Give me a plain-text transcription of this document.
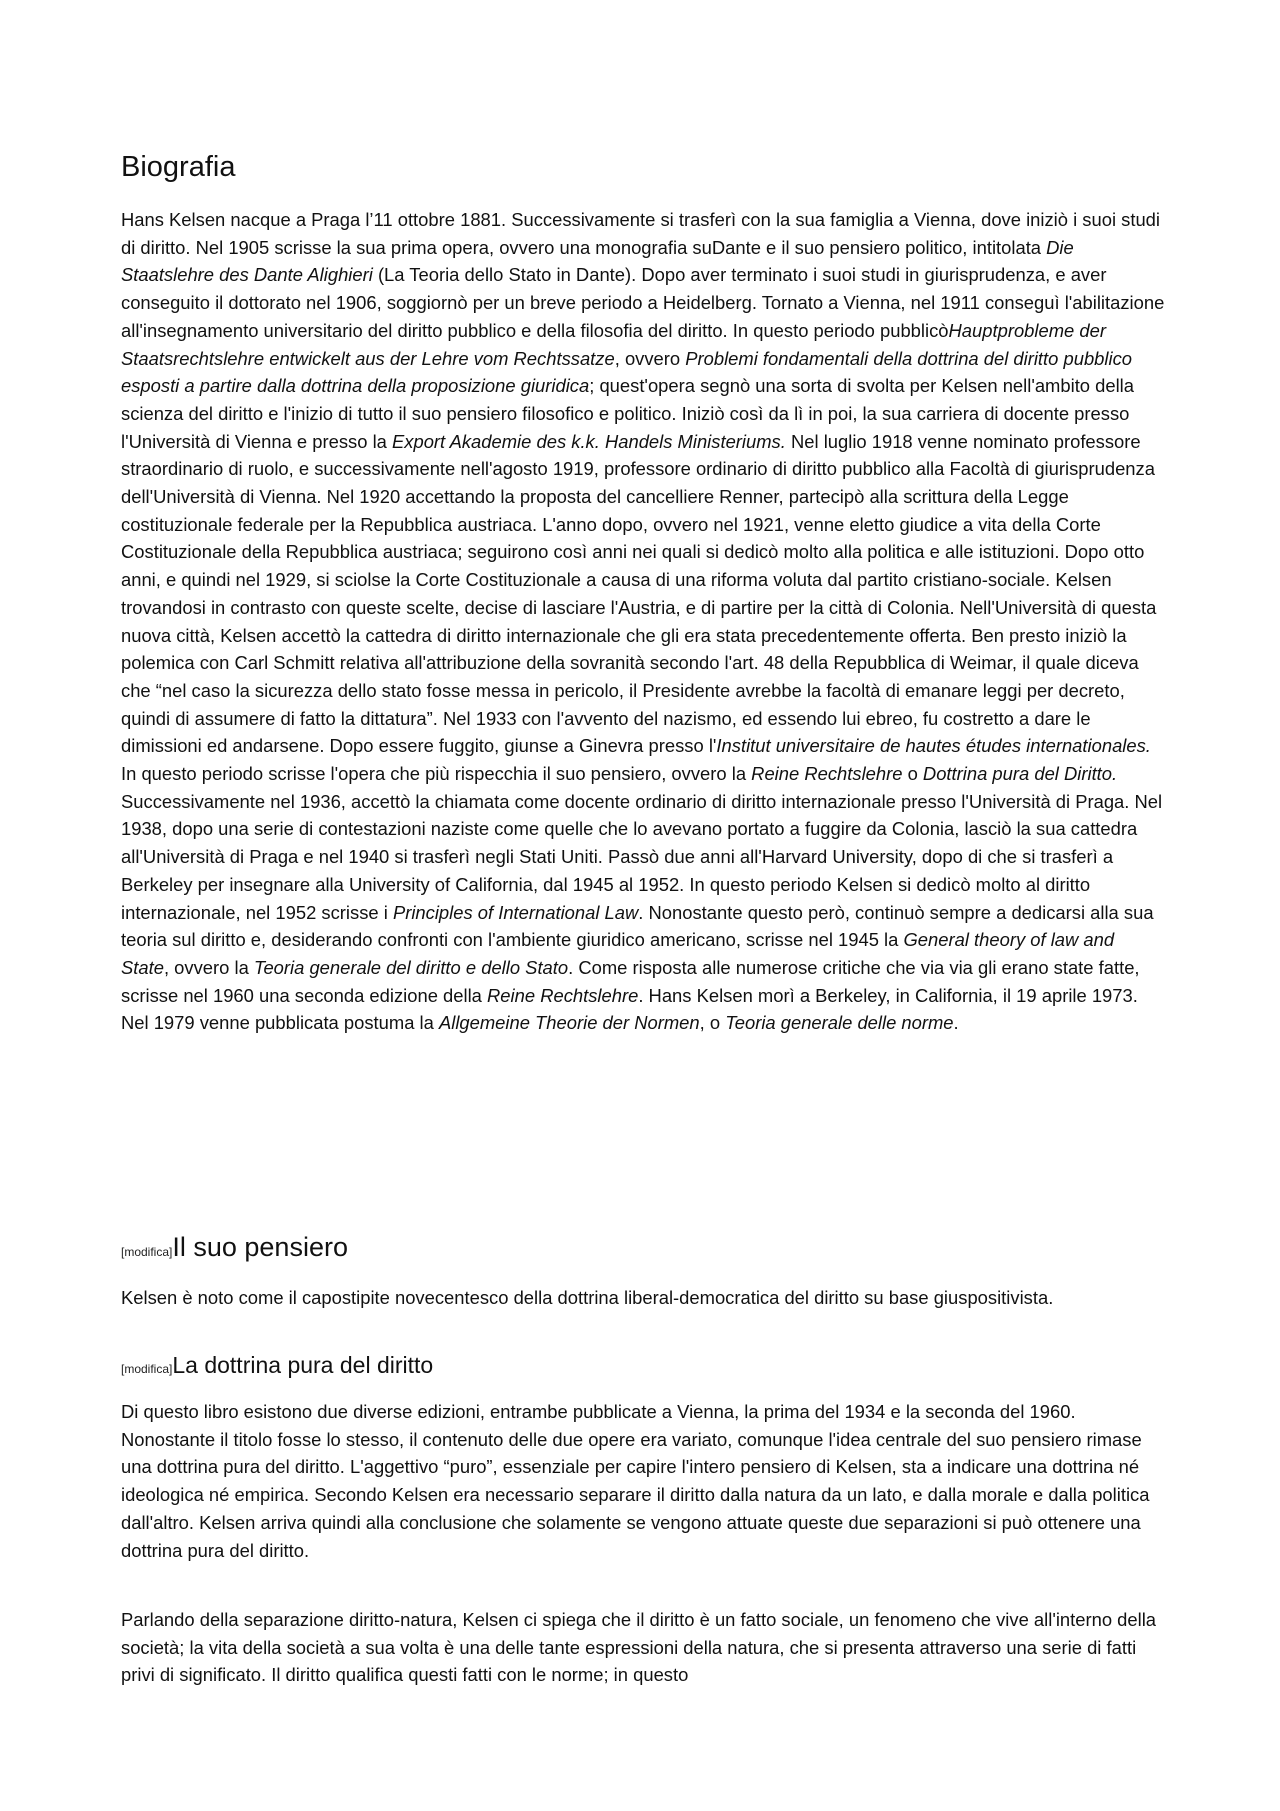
Biografia

Hans Kelsen nacque a Praga l’11 ottobre 1881. Successivamente si trasferì con la sua famiglia a Vienna, dove iniziò i suoi studi di diritto. Nel 1905 scrisse la sua prima opera, ovvero una monografia suDante e il suo pensiero politico, intitolata Die Staatslehre des Dante Alighieri (La Teoria dello Stato in Dante). Dopo aver terminato i suoi studi in giurisprudenza, e aver conseguito il dottorato nel 1906, soggiornò per un breve periodo a Heidelberg. Tornato a Vienna, nel 1911 conseguì l'abilitazione all'insegnamento universitario del diritto pubblico e della filosofia del diritto. In questo periodo pubblicòHauptprobleme der Staatsrechtslehre entwickelt aus der Lehre vom Rechtssatze, ovvero Problemi fondamentali della dottrina del diritto pubblico esposti a partire dalla dottrina della proposizione giuridica; quest'opera segnò una sorta di svolta per Kelsen nell'ambito della scienza del diritto e l'inizio di tutto il suo pensiero filosofico e politico. Iniziò così da lì in poi, la sua carriera di docente presso l'Università di Vienna e presso la Export Akademie des k.k. Handels Ministeriums. Nel luglio 1918 venne nominato professore straordinario di ruolo, e successivamente nell'agosto 1919, professore ordinario di diritto pubblico alla Facoltà di giurisprudenza dell'Università di Vienna. Nel 1920 accettando la proposta del cancelliere Renner, partecipò alla scrittura della Legge costituzionale federale per la Repubblica austriaca. L'anno dopo, ovvero nel 1921, venne eletto giudice a vita della Corte Costituzionale della Repubblica austriaca; seguirono così anni nei quali si dedicò molto alla politica e alle istituzioni. Dopo otto anni, e quindi nel 1929, si sciolse la Corte Costituzionale a causa di una riforma voluta dal partito cristiano-sociale. Kelsen trovandosi in contrasto con queste scelte, decise di lasciare l'Austria, e di partire per la città di Colonia. Nell'Università di questa nuova città, Kelsen accettò la cattedra di diritto internazionale che gli era stata precedentemente offerta. Ben presto iniziò la polemica con Carl Schmitt relativa all'attribuzione della sovranità secondo l'art. 48 della Repubblica di Weimar, il quale diceva che “nel caso la sicurezza dello stato fosse messa in pericolo, il Presidente avrebbe la facoltà di emanare leggi per decreto, quindi di assumere di fatto la dittatura”. Nel 1933 con l'avvento del nazismo, ed essendo lui ebreo, fu costretto a dare le dimissioni ed andarsene. Dopo essere fuggito, giunse a Ginevra presso l'Institut universitaire de hautes études internationales. In questo periodo scrisse l'opera che più rispecchia il suo pensiero, ovvero la Reine Rechtslehre o Dottrina pura del Diritto. Successivamente nel 1936, accettò la chiamata come docente ordinario di diritto internazionale presso l'Università di Praga. Nel 1938, dopo una serie di contestazioni naziste come quelle che lo avevano portato a fuggire da Colonia, lasciò la sua cattedra all'Università di Praga e nel 1940 si trasferì negli Stati Uniti. Passò due anni all'Harvard University, dopo di che si trasferì a Berkeley per insegnare alla University of California, dal 1945 al 1952. In questo periodo Kelsen si dedicò molto al diritto internazionale, nel 1952 scrisse i Principles of International Law. Nonostante questo però, continuò sempre a dedicarsi alla sua teoria sul diritto e, desiderando confronti con l'ambiente giuridico americano, scrisse nel 1945 la General theory of law and State, ovvero la Teoria generale del diritto e dello Stato. Come risposta alle numerose critiche che via via gli erano state fatte, scrisse nel 1960 una seconda edizione della Reine Rechtslehre. Hans Kelsen morì a Berkeley, in California, il 19 aprile 1973. Nel 1979 venne pubblicata postuma la Allgemeine Theorie der Normen, o Teoria generale delle norme.

[modifica]Il suo pensiero

Kelsen è noto come il capostipite novecentesco della dottrina liberal-democratica del diritto su base giuspositivista.

[modifica]La dottrina pura del diritto

Di questo libro esistono due diverse edizioni, entrambe pubblicate a Vienna, la prima del 1934 e la seconda del 1960. Nonostante il titolo fosse lo stesso, il contenuto delle due opere era variato, comunque l'idea centrale del suo pensiero rimase una dottrina pura del diritto. L'aggettivo “puro”, essenziale per capire l'intero pensiero di Kelsen, sta a indicare una dottrina né ideologica né empirica. Secondo Kelsen era necessario separare il diritto dalla natura da un lato, e dalla morale e dalla politica dall'altro. Kelsen arriva quindi alla conclusione che solamente se vengono attuate queste due separazioni si può ottenere una dottrina pura del diritto.

Parlando della separazione diritto-natura, Kelsen ci spiega che il diritto è un fatto sociale, un fenomeno che vive all'interno della società; la vita della società a sua volta è una delle tante espressioni della natura, che si presenta attraverso una serie di fatti privi di significato. Il diritto qualifica questi fatti con le norme; in questo
